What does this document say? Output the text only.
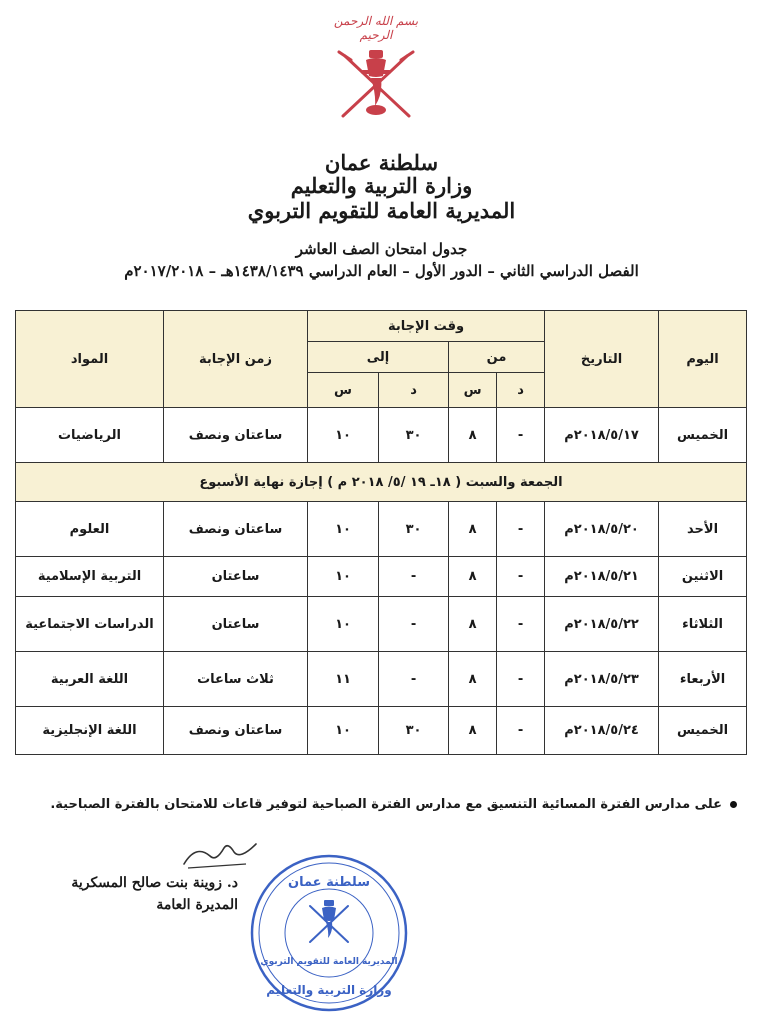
بسم الله الرحمن الرحيم
سلطنة عمان
وزارة التربية والتعليم
المديرية العامة للتقويم التربوي
جدول امتحان الصف العاشر
الفصل الدراسي الثاني – الدور الأول – العام الدراسي ١٤٣٨/١٤٣٩هـ – ٢٠١٧/٢٠١٨م
اليوم	التاريخ	وقت الإجابة				زمن الإجابة	المواد
		من		إلى			
		د	س	د	س		
الخميس	٢٠١٨/٥/١٧م	-	٨	٣٠	١٠	ساعتان ونصف	الرياضيات
الجمعة والسبت ( ١٨ـ ١٩ /٥/ ٢٠١٨ م ) إجازة نهاية الأسبوع							
الأحد	٢٠١٨/٥/٢٠م	-	٨	٣٠	١٠	ساعتان ونصف	العلوم
الاثنين	٢٠١٨/٥/٢١م	-	٨	-	١٠	ساعتان	التربية الإسلامية
الثلاثاء	٢٠١٨/٥/٢٢م	-	٨	-	١٠	ساعتان	الدراسات الاجتماعية
الأربعاء	٢٠١٨/٥/٢٣م	-	٨	-	١١	ثلاث ساعات	اللغة العربية
الخميس	٢٠١٨/٥/٢٤م	-	٨	٣٠	١٠	ساعتان ونصف	اللغة الإنجليزية
على مدارس الفترة المسائية التنسيق مع مدارس الفترة الصباحية لتوفير قاعات للامتحان بالفترة الصباحية.
د. زوينة بنت صالح المسكرية
المديرة العامة
سلطنة عمان
المديرية العامة للتقويم التربوي
وزارة التربية والتعليم
